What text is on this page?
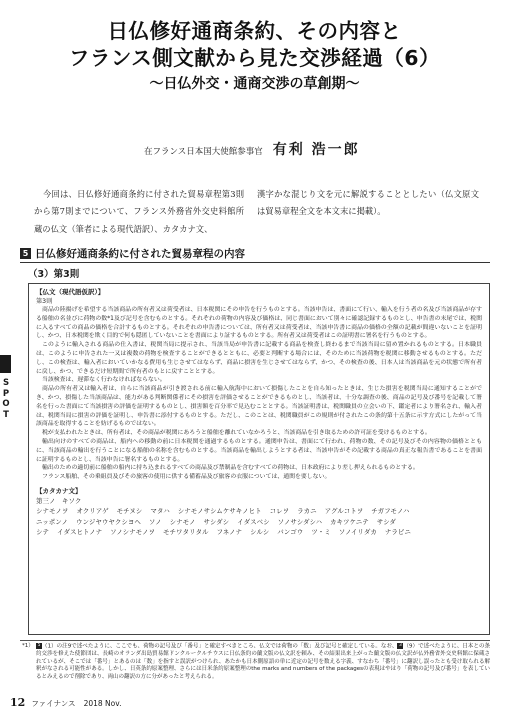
日仏修好通商条約、その内容と
フランス側文献から見た交渉経過（6）
～日仏外交・通商交渉の草創期～
在フランス日本国大使館参事官 有利 浩一郎
今回は、日仏修好通商条約に付された貿易章程第3則から第7則までについて、フランス外務省外交史料館所蔵の仏文（筆者による現代語訳）、カタカナ文、
漢字かな混じり文を元に解説することとしたい（仏文原文は貿易章程全文を本文末に掲載）。
5 日仏修好通商条約に付された貿易章程の内容
（3）第3則
【仏文（現代語仮訳）】
第3則

商品の陸揚げを希望する当該商品の所有者又は荷受者は、日本税関にその申告を行うものとする。当該申告は、書面にて行い、輸入を行う者の名及び当該商品が存する船舶の名並びに荷物の数*1及び記号を含むものとする。それぞれの荷物の内容及び価格は、同じ書面において別々に確認記録するものとし、申告書の末尾では、税関に入るすべての商品の価格を合計するものとする。それぞれの申告書については、所有者又は荷受者は、当該申告書に商品の価格の全額の記載が間違いないことを証明し、かつ、日本税関を欺く目的で何も隠匿していないことを書面により証するものとする。所有者又は荷受者はこの証明書に署名を行うものとする。

このように輸入される商品の仕入書は、税関当局に提示され、当該当局が申告書に記載する商品を検査し終わるまで当該当局に留め置かれるものとする。日本職員は、このように申告された一又は複数の荷物を検査することができるとともに、必要と判断する場合には、そのために当該荷物を税関に移動させるものとする。ただし、この検査は、輸入者においていかなる費用も生じさせてはならず、商品に損害を生じさせてはならず、かつ、その検査の後、日本人は当該商品を元の状態で所有者に戻し、かつ、できるだけ短期間で所有者のもとに戻すこととする。

当該検査は、遅滞なく行わなければならない。

商品の所有者又は輸入者は、自らに当該商品が引き渡される前に輸入航海中において損傷したことを自ら知ったときは、生じた損害を税関当局に通知することができ、かつ、損傷した当該商品は、能力がある判断関係者にその損害を評価させることができるものとし、当該者は、十分な調査の後、商品の記号及び番号を記載して署名を行った書面にて当該損害の評価を証明するものとし、損害額を百分率で見込むこととする。当該証明書は、税関職員の立会いの下、鑑定者により署名され、輸入者は、税関当局に損害の評価を証明し、申告書に添付するものとする。ただし、このことは、税関職員がこの規則が付されたこの条約第十五条に示す方式にしたがって当該商品を取得することを妨げるものではない。

税が支払われたときは、所有者は、その商品が税関にあろうと船舶を離れていなかろうと、当該商品を引き取るための許可証を受けるものとする。

輸出向けのすべての商品は、船内への移動の前に日本税関を通過するものとする。通関申告は、書面にて行われ、荷物の数、その記号及びその内容物の価格とともに、当該商品の輸出を行うことになる船舶の名称を含むものとする。当該商品を輸出しようとする者は、当該申告がその記載する商品の真正な報告書であることを書面に証明するものとし、当該申告に署名するものとする。

輸出のための適切前に船舶の船内に持ち込まれるすべての商品及び禁制品を含むすべての荷物は、日本政府により差し押えられるものとする。

フランス船舶、その乗組員及びその旅客の使用に供する備蓄品及び旅客の衣服については、通関を要しない。

【カタカナ文】
第三ノ　キソク
シナモノヲ オクリアゲ モチヌシ マタハ シナモノサシムケサキノヒト コレヲ ラカニ アグルコトヲ チガフモノハ
ニッポンノ ウンジヤウヤクシヨへ ソノ シナモノ サシダシ イダスベシ ソノサシダシハ カキツケニテ サシダ
シテ イダスヒトノナ ソノシナモノヲ モチワタリタル フネノナ シルシ バンゴウ ツ・ミ ソノイリダカ ナラビニ
S
P
O
T
*1） 5 （1）の注9で述べたように、ここでも、荷物の記号及び「番号」と確定すべきところ、仏文では荷物の「数」及び記号と確定している。なお、 3 （9）で述べたように、日本との条約交渉を修えた使節団は、長崎のオランダ出島貿易館ドンクルークルチウスに日仏条約の蘭文版の仏文訳を頼み、その結果出来上がった蘭文版の仏文訳が仏外務省外交史料館に保蔵されているが、そこでは「番号」とあるのは「数」を指すと誤訳がつけられ、あたかも日本側原語の単に近定の記号を数える字義、すなわち「番号」に翻訳し誤ったとも受け取られる解釈がなされる可能性がある。しかし、日英条約原案整理、さらには日米条約原案整理のthe marks and numbers of the packagesの表現はやはり「荷物の記号及び番号」を表しているとみえるので削除であり、両山の翻訳の方に分があったと考えられる。
12 ファイナンス 2018 Nov.
